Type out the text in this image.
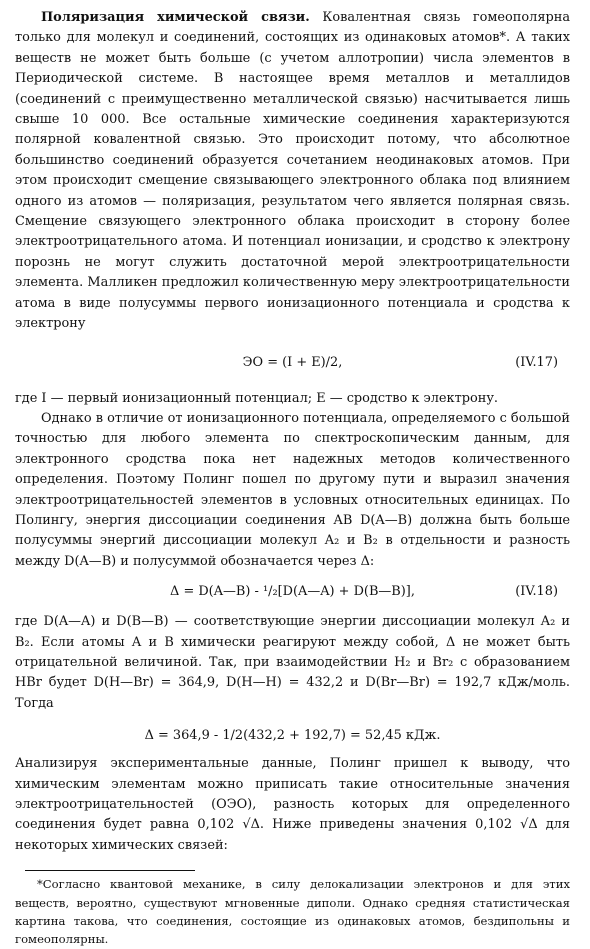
Поляризация химической связи. Ковалентная связь гомеополярна только для молекул и соединений, состоящих из одинаковых атомов*. А таких веществ не может быть больше (с учетом аллотропии) числа элементов в Периодической системе. В настоящее время металлов и металлидов (соединений с преимущественно металлической связью) насчитывается лишь свыше 10 000. Все остальные химические соединения характеризуются полярной ковалентной связью. Это происходит потому, что абсолютное большинство соединений образуется сочетанием неодинаковых атомов. При этом происходит смещение связывающего электронного облака под влиянием одного из атомов — поляризация, результатом чего является полярная связь. Смещение связующего электронного облака происходит в сторону более электроотрицательного атома. И потенциал ионизации, и сродство к электрону порознь не могут служить достаточной мерой электроотрицательности элемента. Малликен предложил количественную меру электроотрицательности атома в виде полусуммы первого ионизационного потенциала и сродства к электрону

ЭО = (I + E)/2,	(IV.17)

где I — первый ионизационный потенциал; E — сродство к электрону.

Однако в отличие от ионизационного потенциала, определяемого с большой точностью для любого элемента по спектроскопическим данным, для электронного сродства пока нет надежных методов количественного определения. Поэтому Полинг пошел по другому пути и выразил значения электроотрицательностей элементов в условных относительных единицах. По Полингу, энергия диссоциации соединения AB D(A—B) должна быть больше полусуммы энергий диссоциации молекул A₂ и B₂ в отдельности и разность между D(A—B) и полусуммой обозначается через Δ:

Δ = D(A—B) - ¹/₂[D(A—A) + D(B—B)],	(IV.18)

где D(A—A) и D(B—B) — соответствующие энергии диссоциации молекул A₂ и B₂. Если атомы A и B химически реагируют между собой, Δ не может быть отрицательной величиной. Так, при взаимодействии H₂ и Br₂ с образованием HBr будет D(H—Br) = 364,9, D(H—H) = 432,2 и D(Br—Br) = 192,7 кДж/моль. Тогда

Δ = 364,9 - 1/2(432,2 + 192,7) = 52,45 кДж.

Анализируя экспериментальные данные, Полинг пришел к выводу, что химическим элементам можно приписать такие относительные значения электроотрицательностей (ОЭО), разность которых для определенного соединения будет равна 0,102 √Δ. Ниже приведены значения 0,102 √Δ для некоторых химических связей:

*Согласно квантовой механике, в силу делокализации электронов и для этих веществ, вероятно, существуют мгновенные диполи. Однако средняя статистическая картина такова, что соединения, состоящие из одинаковых атомов, бездипольны и гомеополярны.
